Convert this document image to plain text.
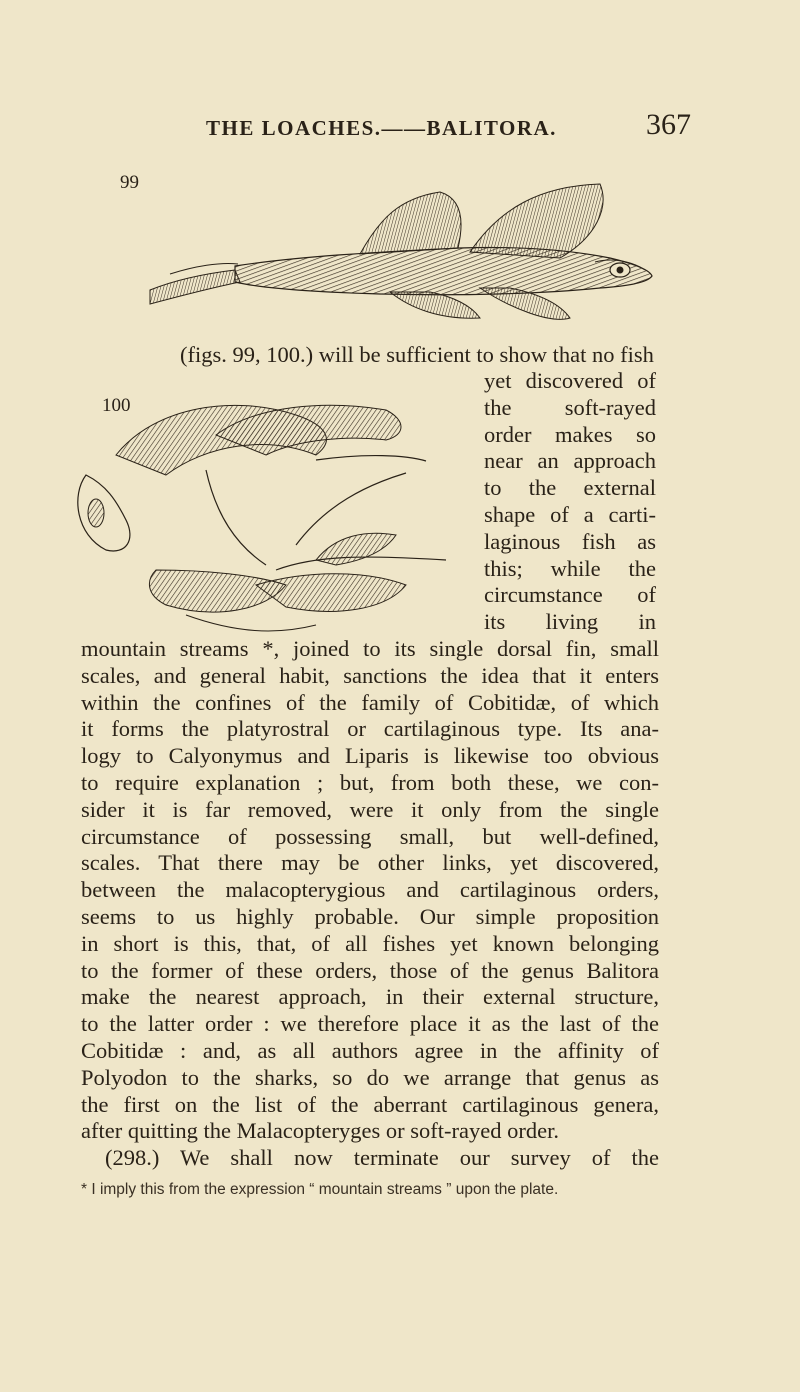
THE LOACHES.——BALITORA.	367
99

(figs. 99, 100.) will be sufficient to show that no fish

100
yet discovered of
the soft-rayed
order makes so
near an approach
to the external
shape of a carti-
laginous fish as
this; while the
circumstance of
its living in
mountain streams *, joined to its single dorsal fin, small
scales, and general habit, sanctions the idea that it enters
within the confines of the family of Cobitidæ, of which
it forms the platyrostral or cartilaginous type. Its ana-
logy to Calyonymus and Liparis is likewise too obvious
to require explanation ; but, from both these, we con-
sider it is far removed, were it only from the single
circumstance of possessing small, but well-defined,
scales. That there may be other links, yet discovered,
between the malacopterygious and cartilaginous orders,
seems to us highly probable. Our simple proposition
in short is this, that, of all fishes yet known belonging
to the former of these orders, those of the genus Balitora
make the nearest approach, in their external structure,
to the latter order : we therefore place it as the last of the
Cobitidæ : and, as all authors agree in the affinity of
Polyodon to the sharks, so do we arrange that genus as
the first on the list of the aberrant cartilaginous genera,
after quitting the Malacopteryges or soft-rayed order.
(298.) We shall now terminate our survey of the
* I imply this from the expression “ mountain streams ” upon the plate.
